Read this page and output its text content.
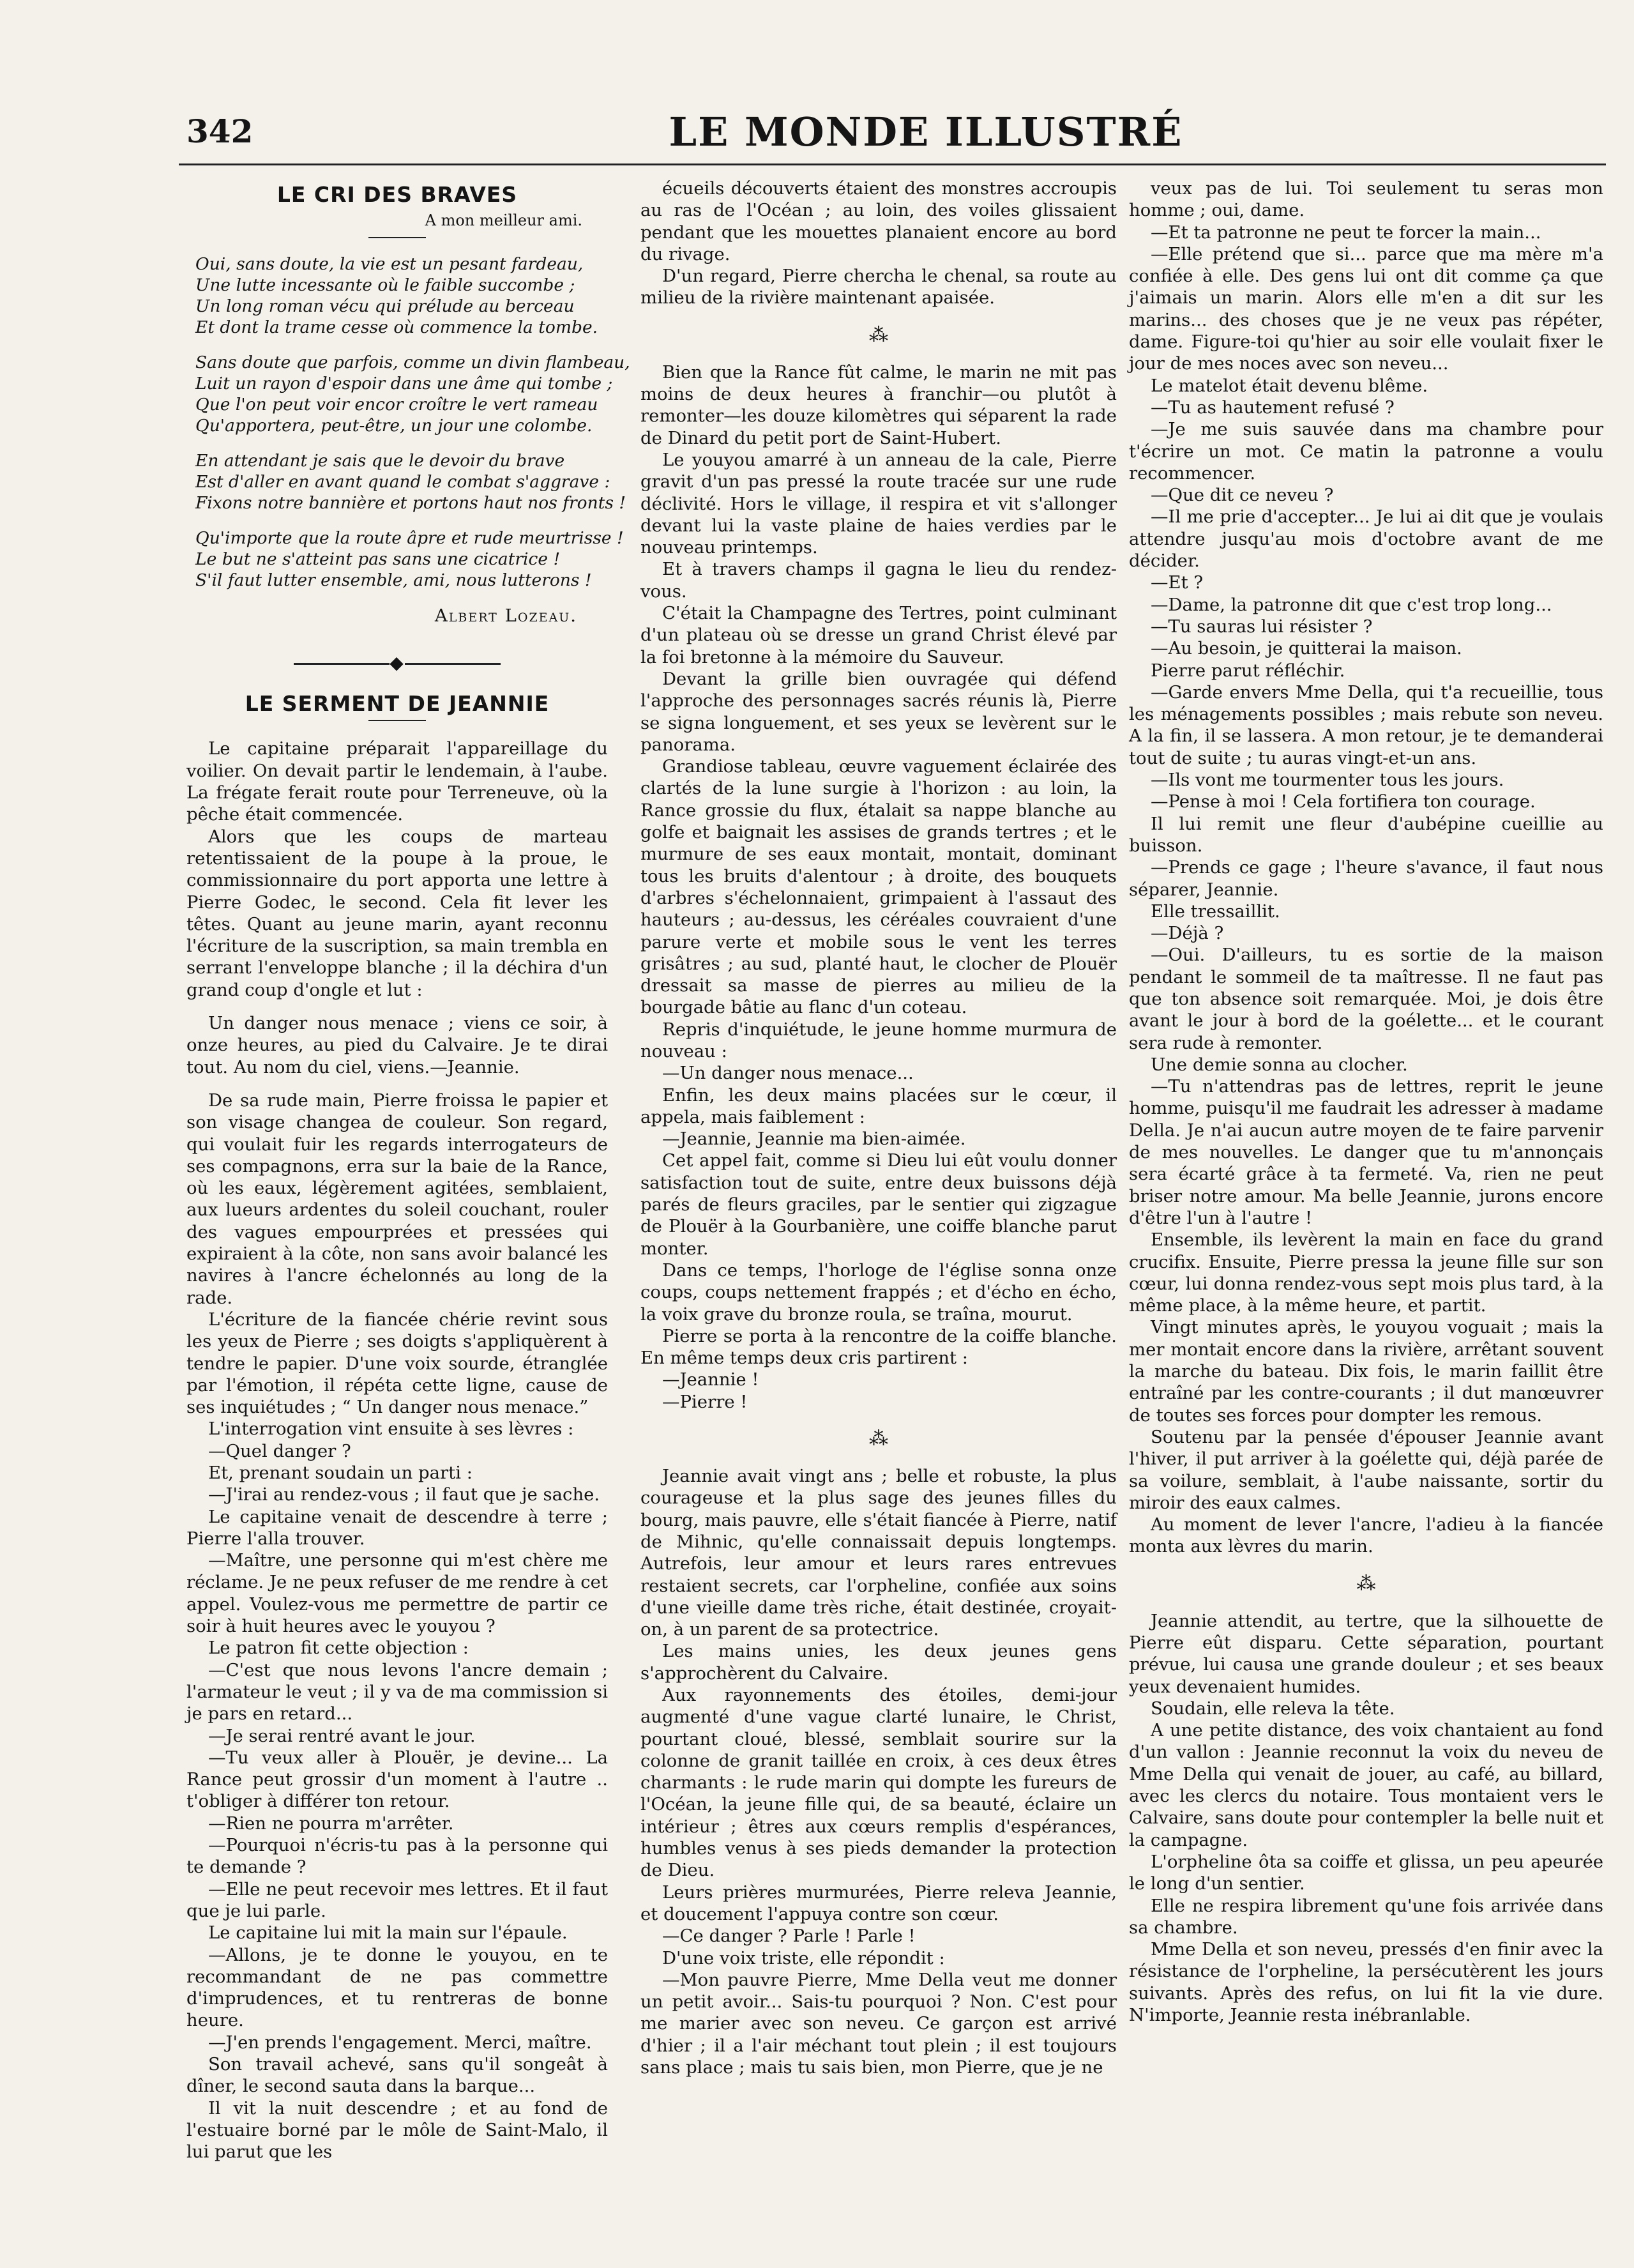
342	LE MONDE ILLUSTRÉ
LE CRI DES BRAVES
A mon meilleur ami.
Oui, sans doute, la vie est un pesant fardeau,
Une lutte incessante où le faible succombe ;
Un long roman vécu qui prélude au berceau
Et dont la trame cesse où commence la tombe.
Sans doute que parfois, comme un divin flambeau,
Luit un rayon d'espoir dans une âme qui tombe ;
Que l'on peut voir encor croître le vert rameau
Qu'apportera, peut-être, un jour une colombe.
En attendant je sais que le devoir du brave
Est d'aller en avant quand le combat s'aggrave :
Fixons notre bannière et portons haut nos fronts !
Qu'importe que la route âpre et rude meurtrisse !
Le but ne s'atteint pas sans une cicatrice !
S'il faut lutter ensemble, ami, nous lutterons !
Albert Lozeau.
◆
LE SERMENT DE JEANNIE

Le capitaine préparait l'appareillage du voilier. On devait partir le lendemain, à l'aube. La frégate ferait route pour Terreneuve, où la pêche était commencée.

Alors que les coups de marteau retentissaient de la poupe à la proue, le commissionnaire du port apporta une lettre à Pierre Godec, le second. Cela fit lever les têtes. Quant au jeune marin, ayant reconnu l'écriture de la suscription, sa main trembla en serrant l'enveloppe blanche ; il la déchira d'un grand coup d'ongle et lut :

Un danger nous menace ; viens ce soir, à onze heures, au pied du Calvaire. Je te dirai tout. Au nom du ciel, viens.—Jeannie.

De sa rude main, Pierre froissa le papier et son visage changea de couleur. Son regard, qui voulait fuir les regards interrogateurs de ses compagnons, erra sur la baie de la Rance, où les eaux, légèrement agitées, semblaient, aux lueurs ardentes du soleil couchant, rouler des vagues empourprées et pressées qui expiraient à la côte, non sans avoir balancé les navires à l'ancre échelonnés au long de la rade.

L'écriture de la fiancée chérie revint sous les yeux de Pierre ; ses doigts s'appliquèrent à tendre le papier. D'une voix sourde, étranglée par l'émotion, il répéta cette ligne, cause de ses inquiétudes ; “ Un danger nous menace.”

L'interrogation vint ensuite à ses lèvres :

—Quel danger ?

Et, prenant soudain un parti :

—J'irai au rendez-vous ; il faut que je sache.

Le capitaine venait de descendre à terre ; Pierre l'alla trouver.

—Maître, une personne qui m'est chère me réclame. Je ne peux refuser de me rendre à cet appel. Voulez-vous me permettre de partir ce soir à huit heures avec le youyou ?

Le patron fit cette objection :

—C'est que nous levons l'ancre demain ; l'armateur le veut ; il y va de ma commission si je pars en retard...

—Je serai rentré avant le jour.

—Tu veux aller à Plouër, je devine... La Rance peut grossir d'un moment à l'autre .. t'obliger à différer ton retour.

—Rien ne pourra m'arrêter.

—Pourquoi n'écris-tu pas à la personne qui te demande ?

—Elle ne peut recevoir mes lettres. Et il faut que je lui parle.

Le capitaine lui mit la main sur l'épaule.

—Allons, je te donne le youyou, en te recommandant de ne pas commettre d'imprudences, et tu rentreras de bonne heure.

—J'en prends l'engagement. Merci, maître.

Son travail achevé, sans qu'il songeât à dîner, le second sauta dans la barque...

Il vit la nuit descendre ; et au fond de l'estuaire borné par le môle de Saint-Malo, il lui parut que les

écueils découverts étaient des monstres accroupis au ras de l'Océan ; au loin, des voiles glissaient pendant que les mouettes planaient encore au bord du rivage.

D'un regard, Pierre chercha le chenal, sa route au milieu de la rivière maintenant apaisée.

⁂

Bien que la Rance fût calme, le marin ne mit pas moins de deux heures à franchir—ou plutôt à remonter—les douze kilomètres qui séparent la rade de Dinard du petit port de Saint-Hubert.

Le youyou amarré à un anneau de la cale, Pierre gravit d'un pas pressé la route tracée sur une rude déclivité. Hors le village, il respira et vit s'allonger devant lui la vaste plaine de haies verdies par le nouveau printemps.

Et à travers champs il gagna le lieu du rendez-vous.

C'était la Champagne des Tertres, point culminant d'un plateau où se dresse un grand Christ élevé par la foi bretonne à la mémoire du Sauveur.

Devant la grille bien ouvragée qui défend l'approche des personnages sacrés réunis là, Pierre se signa longuement, et ses yeux se levèrent sur le panorama.

Grandiose tableau, œuvre vaguement éclairée des clartés de la lune surgie à l'horizon : au loin, la Rance grossie du flux, étalait sa nappe blanche au golfe et baignait les assises de grands tertres ; et le murmure de ses eaux montait, montait, dominant tous les bruits d'alentour ; à droite, des bouquets d'arbres s'échelonnaient, grimpaient à l'assaut des hauteurs ; au-dessus, les céréales couvraient d'une parure verte et mobile sous le vent les terres grisâtres ; au sud, planté haut, le clocher de Plouër dressait sa masse de pierres au milieu de la bourgade bâtie au flanc d'un coteau.

Repris d'inquiétude, le jeune homme murmura de nouveau :

—Un danger nous menace...

Enfin, les deux mains placées sur le cœur, il appela, mais faiblement :

—Jeannie, Jeannie ma bien-aimée.

Cet appel fait, comme si Dieu lui eût voulu donner satisfaction tout de suite, entre deux buissons déjà parés de fleurs graciles, par le sentier qui zigzague de Plouër à la Gourbanière, une coiffe blanche parut monter.

Dans ce temps, l'horloge de l'église sonna onze coups, coups nettement frappés ; et d'écho en écho, la voix grave du bronze roula, se traîna, mourut.

Pierre se porta à la rencontre de la coiffe blanche. En même temps deux cris partirent :

—Jeannie !

—Pierre !

⁂

Jeannie avait vingt ans ; belle et robuste, la plus courageuse et la plus sage des jeunes filles du bourg, mais pauvre, elle s'était fiancée à Pierre, natif de Mihnic, qu'elle connaissait depuis longtemps. Autrefois, leur amour et leurs rares entrevues restaient secrets, car l'orpheline, confiée aux soins d'une vieille dame très riche, était destinée, croyait-on, à un parent de sa protectrice.

Les mains unies, les deux jeunes gens s'approchèrent du Calvaire.

Aux rayonnements des étoiles, demi-jour augmenté d'une vague clarté lunaire, le Christ, pourtant cloué, blessé, semblait sourire sur la colonne de granit taillée en croix, à ces deux êtres charmants : le rude marin qui dompte les fureurs de l'Océan, la jeune fille qui, de sa beauté, éclaire un intérieur ; êtres aux cœurs remplis d'espérances, humbles venus à ses pieds demander la protection de Dieu.

Leurs prières murmurées, Pierre releva Jeannie, et doucement l'appuya contre son cœur.

—Ce danger ? Parle ! Parle !

D'une voix triste, elle répondit :

—Mon pauvre Pierre, Mme Della veut me donner un petit avoir... Sais-tu pourquoi ? Non. C'est pour me marier avec son neveu. Ce garçon est arrivé d'hier ; il a l'air méchant tout plein ; il est toujours sans place ; mais tu sais bien, mon Pierre, que je ne

veux pas de lui. Toi seulement tu seras mon homme ; oui, dame.

—Et ta patronne ne peut te forcer la main...

—Elle prétend que si... parce que ma mère m'a confiée à elle. Des gens lui ont dit comme ça que j'aimais un marin. Alors elle m'en a dit sur les marins... des choses que je ne veux pas répéter, dame. Figure-toi qu'hier au soir elle voulait fixer le jour de mes noces avec son neveu...

Le matelot était devenu blême.

—Tu as hautement refusé ?

—Je me suis sauvée dans ma chambre pour t'écrire un mot. Ce matin la patronne a voulu recommencer.

—Que dit ce neveu ?

—Il me prie d'accepter... Je lui ai dit que je voulais attendre jusqu'au mois d'octobre avant de me décider.

—Et ?

—Dame, la patronne dit que c'est trop long...

—Tu sauras lui résister ?

—Au besoin, je quitterai la maison.

Pierre parut réfléchir.

—Garde envers Mme Della, qui t'a recueillie, tous les ménagements possibles ; mais rebute son neveu. A la fin, il se lassera. A mon retour, je te demanderai tout de suite ; tu auras vingt-et-un ans.

—Ils vont me tourmenter tous les jours.

—Pense à moi ! Cela fortifiera ton courage.

Il lui remit une fleur d'aubépine cueillie au buisson.

—Prends ce gage ; l'heure s'avance, il faut nous séparer, Jeannie.

Elle tressaillit.

—Déjà ?

—Oui. D'ailleurs, tu es sortie de la maison pendant le sommeil de ta maîtresse. Il ne faut pas que ton absence soit remarquée. Moi, je dois être avant le jour à bord de la goélette... et le courant sera rude à remonter.

Une demie sonna au clocher.

—Tu n'attendras pas de lettres, reprit le jeune homme, puisqu'il me faudrait les adresser à madame Della. Je n'ai aucun autre moyen de te faire parvenir de mes nouvelles. Le danger que tu m'annonçais sera écarté grâce à ta fermeté. Va, rien ne peut briser notre amour. Ma belle Jeannie, jurons encore d'être l'un à l'autre !

Ensemble, ils levèrent la main en face du grand crucifix. Ensuite, Pierre pressa la jeune fille sur son cœur, lui donna rendez-vous sept mois plus tard, à la même place, à la même heure, et partit.

Vingt minutes après, le youyou voguait ; mais la mer montait encore dans la rivière, arrêtant souvent la marche du bateau. Dix fois, le marin faillit être entraîné par les contre-courants ; il dut manœuvrer de toutes ses forces pour dompter les remous.

Soutenu par la pensée d'épouser Jeannie avant l'hiver, il put arriver à la goélette qui, déjà parée de sa voilure, semblait, à l'aube naissante, sortir du miroir des eaux calmes.

Au moment de lever l'ancre, l'adieu à la fiancée monta aux lèvres du marin.

⁂

Jeannie attendit, au tertre, que la silhouette de Pierre eût disparu. Cette séparation, pourtant prévue, lui causa une grande douleur ; et ses beaux yeux devenaient humides.

Soudain, elle releva la tête.

A une petite distance, des voix chantaient au fond d'un vallon : Jeannie reconnut la voix du neveu de Mme Della qui venait de jouer, au café, au billard, avec les clercs du notaire. Tous montaient vers le Calvaire, sans doute pour contempler la belle nuit et la campagne.

L'orpheline ôta sa coiffe et glissa, un peu apeurée le long d'un sentier.

Elle ne respira librement qu'une fois arrivée dans sa chambre.

Mme Della et son neveu, pressés d'en finir avec la résistance de l'orpheline, la persécutèrent les jours suivants. Après des refus, on lui fit la vie dure. N'importe, Jeannie resta inébranlable.
